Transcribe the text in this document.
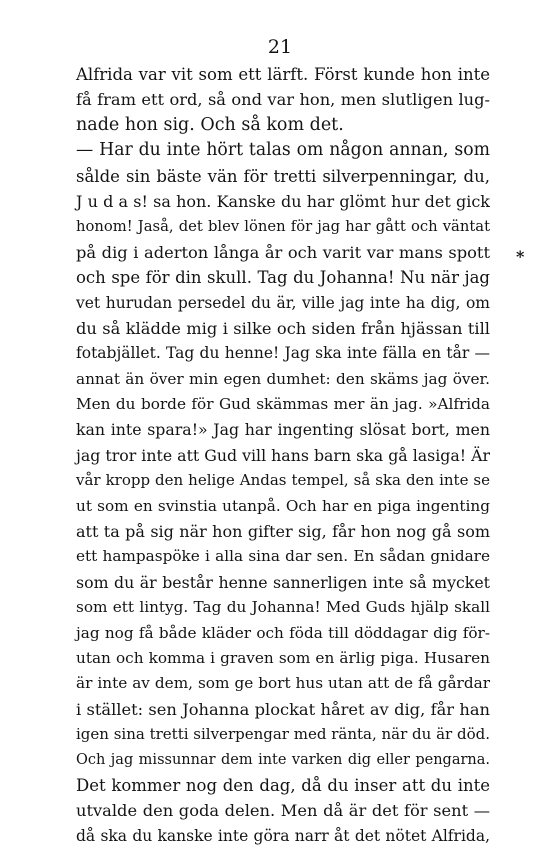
21
*
Alfrida var vit som ett lärft. Först kunde hon inte
få fram ett ord, så ond var hon, men slutligen lug-
nade hon sig. Och så kom det.
— Har du inte hört talas om någon annan, som
sålde sin bäste vän för tretti silverpenningar, du,
J u d a s! sa hon. Kanske du har glömt hur det gick
honom! Jaså, det blev lönen för jag har gått och väntat
på dig i aderton långa år och varit var mans spott
och spe för din skull. Tag du Johanna! Nu när jag
vet hurudan persedel du är, ville jag inte ha dig, om
du så klädde mig i silke och siden från hjässan till
fotabjället. Tag du henne! Jag ska inte fälla en tår —
annat än över min egen dumhet: den skäms jag över.
Men du borde för Gud skämmas mer än jag. »Alfrida
kan inte spara!» Jag har ingenting slösat bort, men
jag tror inte att Gud vill hans barn ska gå lasiga! Är
vår kropp den helige Andas tempel, så ska den inte se
ut som en svinstia utanpå. Och har en piga ingenting
att ta på sig när hon gifter sig, får hon nog gå som
ett hampaspöke i alla sina dar sen. En sådan gnidare
som du är består henne sannerligen inte så mycket
som ett lintyg. Tag du Johanna! Med Guds hjälp skall
jag nog få både kläder och föda till döddagar dig för-
utan och komma i graven som en ärlig piga. Husaren
är inte av dem, som ge bort hus utan att de få gårdar
i stället: sen Johanna plockat håret av dig, får han
igen sina tretti silverpengar med ränta, när du är död.
Och jag missunnar dem inte varken dig eller pengarna.
Det kommer nog den dag, då du inser att du inte
utvalde den goda delen. Men då är det för sent —
då ska du kanske inte göra narr åt det nötet Alfrida,
